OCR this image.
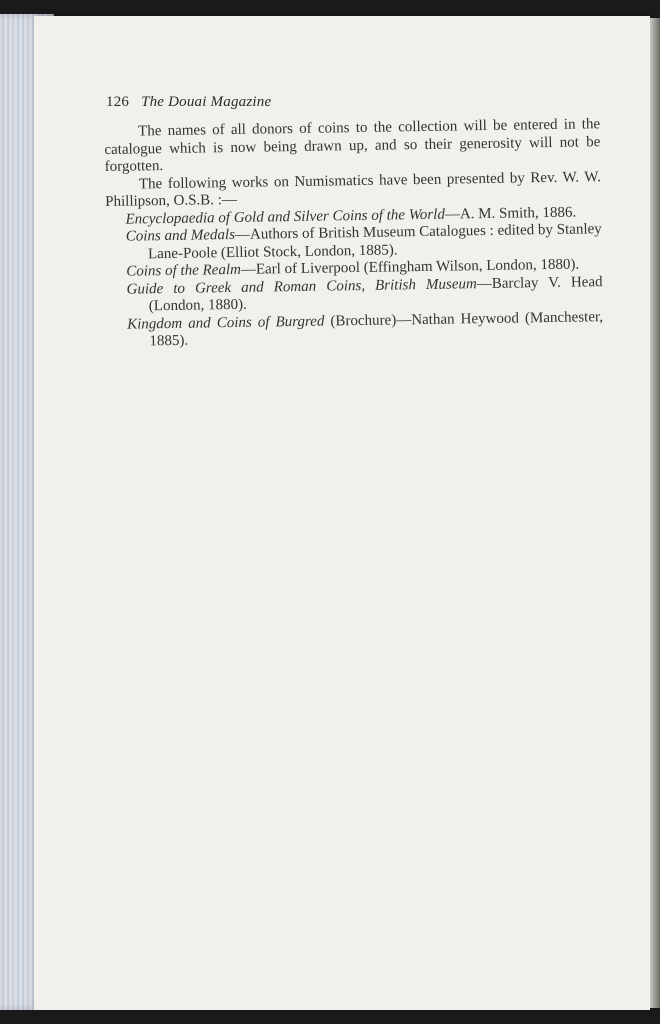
126 The Douai Magazine

The names of all donors of coins to the collection will be entered in the catalogue which is now being drawn up, and so their generosity will not be forgotten.

The following works on Numismatics have been presented by Rev. W. W. Phillipson, O.S.B. :—

Encyclopaedia of Gold and Silver Coins of the World—A. M. Smith, 1886.

Coins and Medals—Authors of British Museum Catalogues : edited by Stanley Lane-Poole (Elliot Stock, London, 1885).

Coins of the Realm—Earl of Liverpool (Effingham Wilson, London, 1880).

Guide to Greek and Roman Coins, British Museum—Barclay V. Head (London, 1880).

Kingdom and Coins of Burgred (Brochure)—Nathan Heywood (Manchester, 1885).
